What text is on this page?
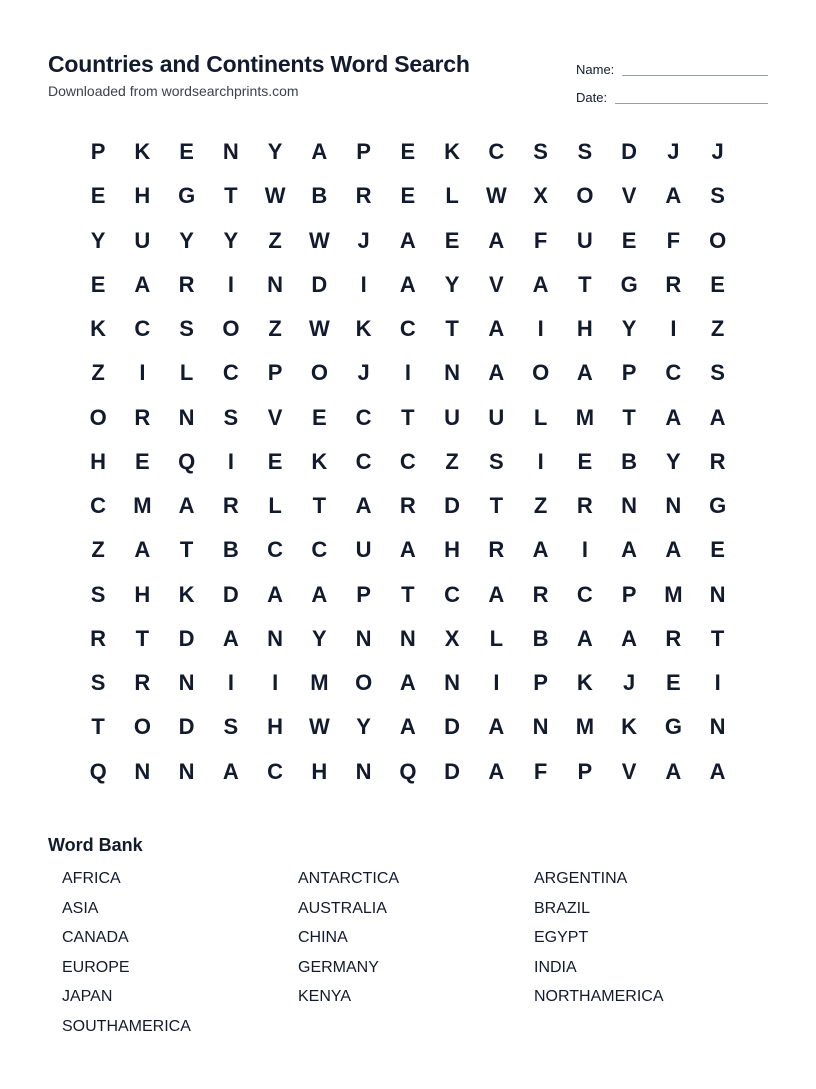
Countries and Continents Word Search
Downloaded from wordsearchprints.com
Name:
Date:
P	K	E	N	Y	A	P	E	K	C	S	S	D	J	J
E	H	G	T	W	B	R	E	L	W	X	O	V	A	S
Y	U	Y	Y	Z	W	J	A	E	A	F	U	E	F	O
E	A	R	I	N	D	I	A	Y	V	A	T	G	R	E
K	C	S	O	Z	W	K	C	T	A	I	H	Y	I	Z
Z	I	L	C	P	O	J	I	N	A	O	A	P	C	S
O	R	N	S	V	E	C	T	U	U	L	M	T	A	A
H	E	Q	I	E	K	C	C	Z	S	I	E	B	Y	R
C	M	A	R	L	T	A	R	D	T	Z	R	N	N	G
Z	A	T	B	C	C	U	A	H	R	A	I	A	A	E
S	H	K	D	A	A	P	T	C	A	R	C	P	M	N
R	T	D	A	N	Y	N	N	X	L	B	A	A	R	T
S	R	N	I	I	M	O	A	N	I	P	K	J	E	I
T	O	D	S	H	W	Y	A	D	A	N	M	K	G	N
Q	N	N	A	C	H	N	Q	D	A	F	P	V	A	A
Word Bank
AFRICA	ANTARCTICA	ARGENTINA
ASIA	AUSTRALIA	BRAZIL
CANADA	CHINA	EGYPT
EUROPE	GERMANY	INDIA
JAPAN	KENYA	NORTHAMERICA
SOUTHAMERICA
